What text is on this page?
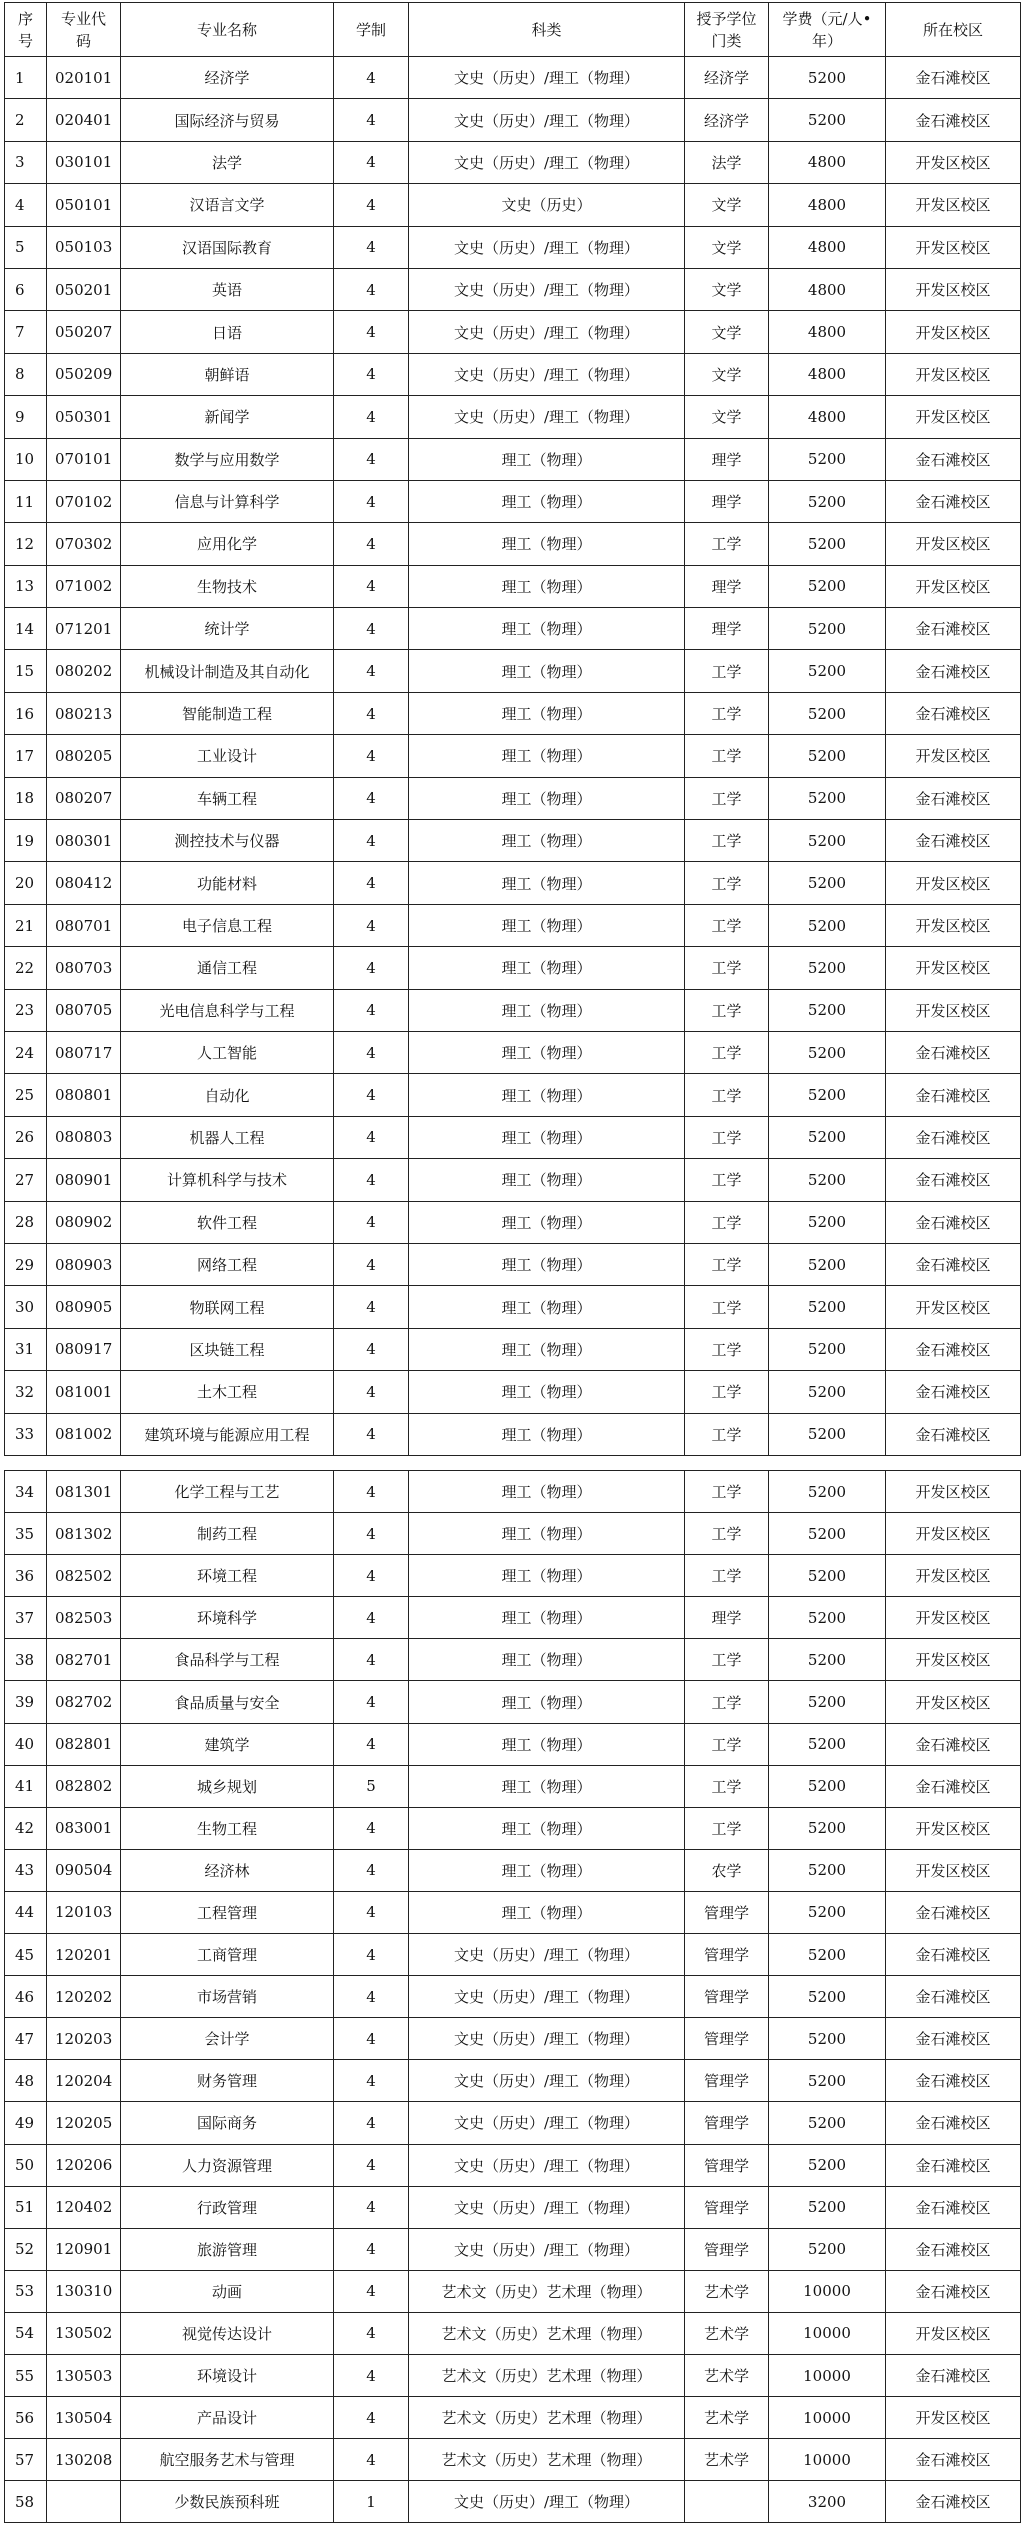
序号	专业代码	专业名称	学制	科类	授予学位门类	学费（元/人•年）	所在校区
1	020101	经济学	4	文史（历史）/理工（物理）	经济学	5200	金石滩校区
2	020401	国际经济与贸易	4	文史（历史）/理工（物理）	经济学	5200	金石滩校区
3	030101	法学	4	文史（历史）/理工（物理）	法学	4800	开发区校区
4	050101	汉语言文学	4	文史（历史）	文学	4800	开发区校区
5	050103	汉语国际教育	4	文史（历史）/理工（物理）	文学	4800	开发区校区
6	050201	英语	4	文史（历史）/理工（物理）	文学	4800	开发区校区
7	050207	日语	4	文史（历史）/理工（物理）	文学	4800	开发区校区
8	050209	朝鲜语	4	文史（历史）/理工（物理）	文学	4800	开发区校区
9	050301	新闻学	4	文史（历史）/理工（物理）	文学	4800	开发区校区
10	070101	数学与应用数学	4	理工（物理）	理学	5200	金石滩校区
11	070102	信息与计算科学	4	理工（物理）	理学	5200	金石滩校区
12	070302	应用化学	4	理工（物理）	工学	5200	开发区校区
13	071002	生物技术	4	理工（物理）	理学	5200	开发区校区
14	071201	统计学	4	理工（物理）	理学	5200	金石滩校区
15	080202	机械设计制造及其自动化	4	理工（物理）	工学	5200	金石滩校区
16	080213	智能制造工程	4	理工（物理）	工学	5200	金石滩校区
17	080205	工业设计	4	理工（物理）	工学	5200	开发区校区
18	080207	车辆工程	4	理工（物理）	工学	5200	金石滩校区
19	080301	测控技术与仪器	4	理工（物理）	工学	5200	金石滩校区
20	080412	功能材料	4	理工（物理）	工学	5200	开发区校区
21	080701	电子信息工程	4	理工（物理）	工学	5200	开发区校区
22	080703	通信工程	4	理工（物理）	工学	5200	开发区校区
23	080705	光电信息科学与工程	4	理工（物理）	工学	5200	开发区校区
24	080717	人工智能	4	理工（物理）	工学	5200	金石滩校区
25	080801	自动化	4	理工（物理）	工学	5200	金石滩校区
26	080803	机器人工程	4	理工（物理）	工学	5200	金石滩校区
27	080901	计算机科学与技术	4	理工（物理）	工学	5200	金石滩校区
28	080902	软件工程	4	理工（物理）	工学	5200	金石滩校区
29	080903	网络工程	4	理工（物理）	工学	5200	金石滩校区
30	080905	物联网工程	4	理工（物理）	工学	5200	开发区校区
31	080917	区块链工程	4	理工（物理）	工学	5200	金石滩校区
32	081001	土木工程	4	理工（物理）	工学	5200	金石滩校区
33	081002	建筑环境与能源应用工程	4	理工（物理）	工学	5200	金石滩校区
34	081301	化学工程与工艺	4	理工（物理）	工学	5200	开发区校区
35	081302	制药工程	4	理工（物理）	工学	5200	开发区校区
36	082502	环境工程	4	理工（物理）	工学	5200	开发区校区
37	082503	环境科学	4	理工（物理）	理学	5200	开发区校区
38	082701	食品科学与工程	4	理工（物理）	工学	5200	开发区校区
39	082702	食品质量与安全	4	理工（物理）	工学	5200	开发区校区
40	082801	建筑学	4	理工（物理）	工学	5200	金石滩校区
41	082802	城乡规划	5	理工（物理）	工学	5200	金石滩校区
42	083001	生物工程	4	理工（物理）	工学	5200	开发区校区
43	090504	经济林	4	理工（物理）	农学	5200	开发区校区
44	120103	工程管理	4	理工（物理）	管理学	5200	金石滩校区
45	120201	工商管理	4	文史（历史）/理工（物理）	管理学	5200	金石滩校区
46	120202	市场营销	4	文史（历史）/理工（物理）	管理学	5200	金石滩校区
47	120203	会计学	4	文史（历史）/理工（物理）	管理学	5200	金石滩校区
48	120204	财务管理	4	文史（历史）/理工（物理）	管理学	5200	金石滩校区
49	120205	国际商务	4	文史（历史）/理工（物理）	管理学	5200	金石滩校区
50	120206	人力资源管理	4	文史（历史）/理工（物理）	管理学	5200	金石滩校区
51	120402	行政管理	4	文史（历史）/理工（物理）	管理学	5200	金石滩校区
52	120901	旅游管理	4	文史（历史）/理工（物理）	管理学	5200	金石滩校区
53	130310	动画	4	艺术文（历史）艺术理（物理）	艺术学	10000	金石滩校区
54	130502	视觉传达设计	4	艺术文（历史）艺术理（物理）	艺术学	10000	开发区校区
55	130503	环境设计	4	艺术文（历史）艺术理（物理）	艺术学	10000	金石滩校区
56	130504	产品设计	4	艺术文（历史）艺术理（物理）	艺术学	10000	开发区校区
57	130208	航空服务艺术与管理	4	艺术文（历史）艺术理（物理）	艺术学	10000	金石滩校区
58		少数民族预科班	1	文史（历史）/理工（物理）		3200	金石滩校区
